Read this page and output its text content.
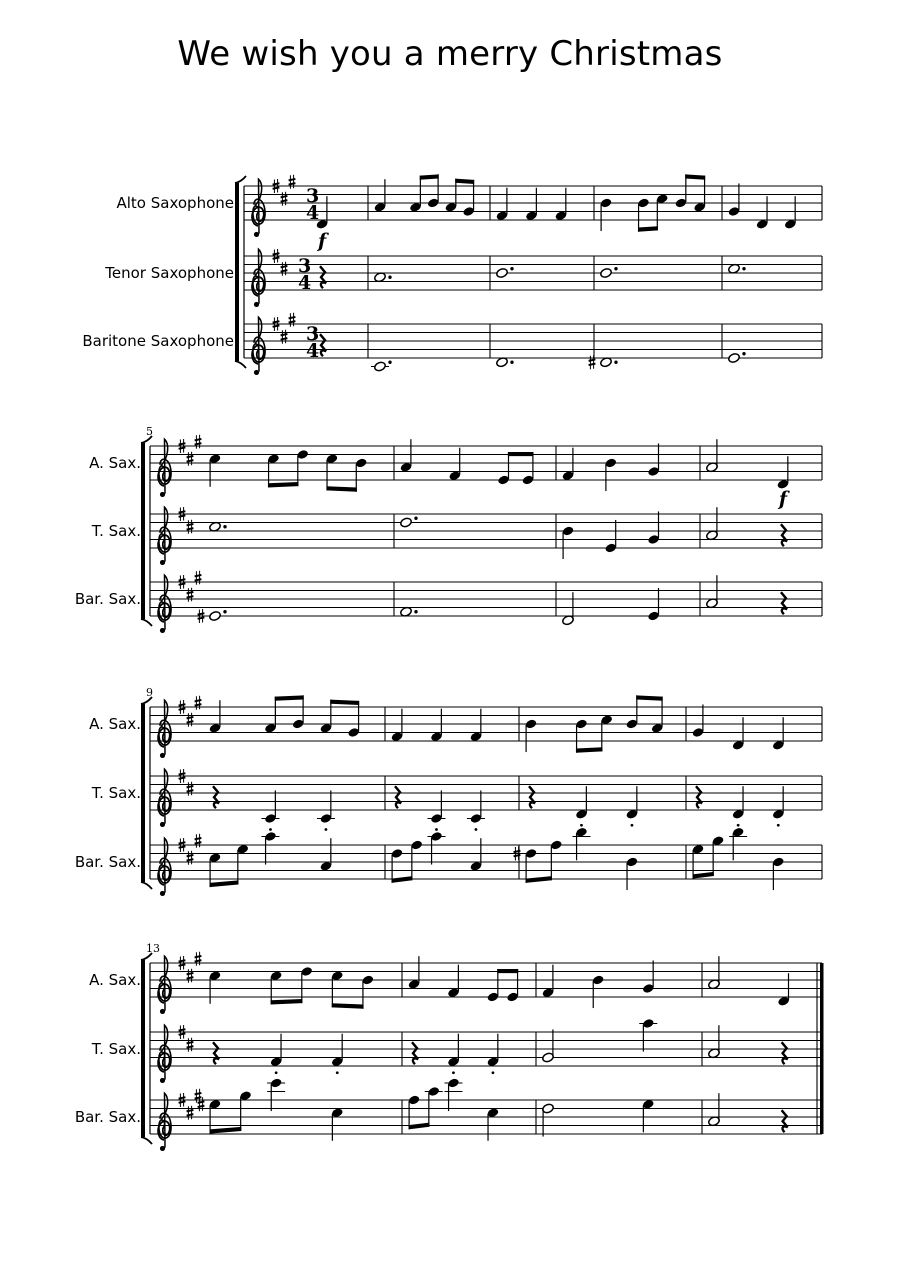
We wish you a merry Christmas
Alto Saxophone
Tenor Saxophone
Baritone Saxophone
3
4
3
4
f
3
4
A. Sax.
T. Sax.
Bar. Sax.
5
f
A. Sax.
T. Sax.
Bar. Sax.
9
A. Sax.
T. Sax.
Bar. Sax.
13
